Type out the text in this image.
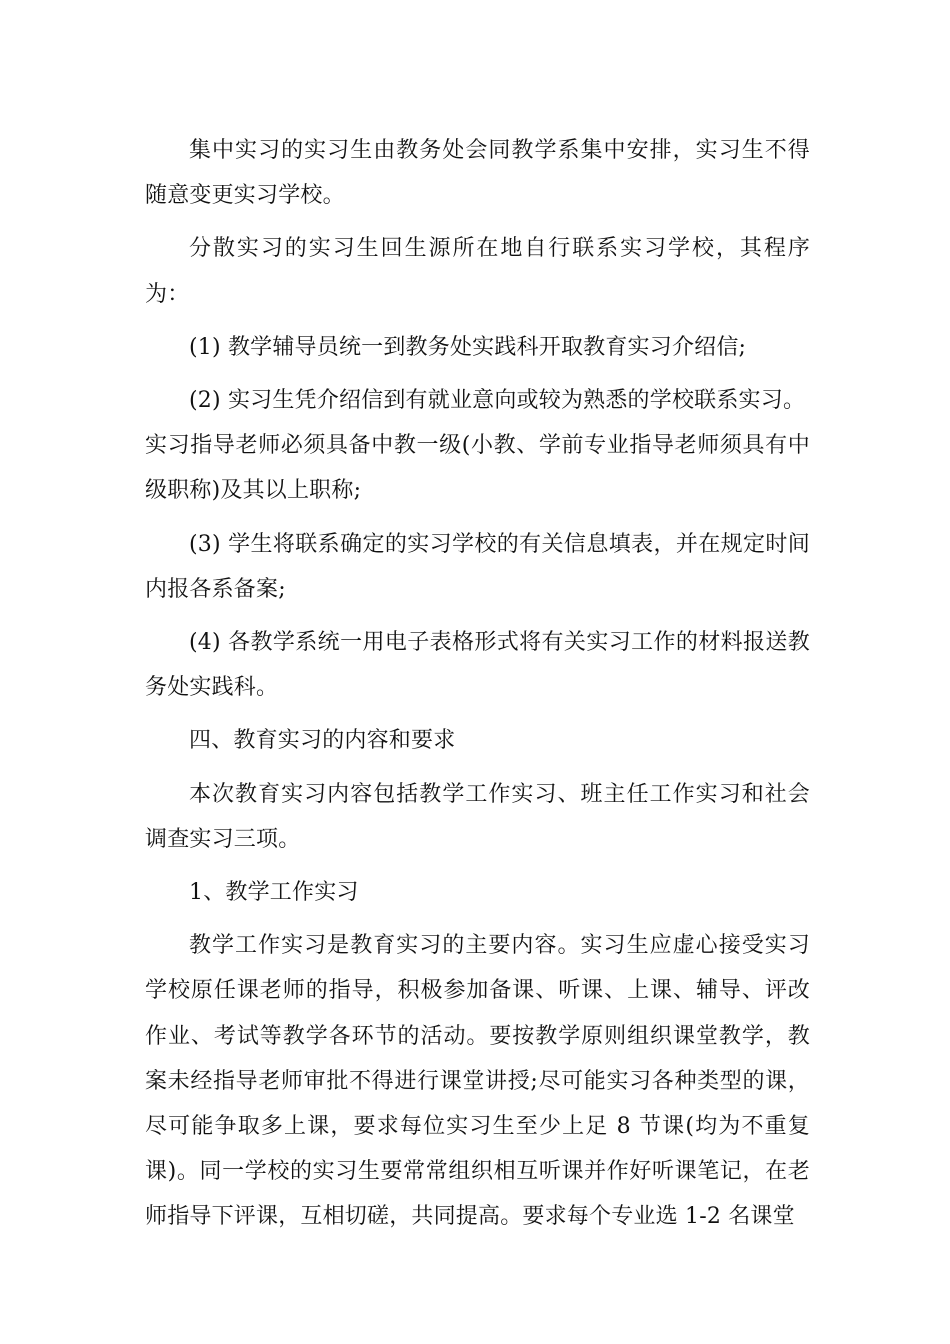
集中实习的实习生由教务处会同教学系集中安排，实习生不得随意变更实习学校。

分散实习的实习生回生源所在地自行联系实习学校，其程序为：

(1) 教学辅导员统一到教务处实践科开取教育实习介绍信;

(2) 实习生凭介绍信到有就业意向或较为熟悉的学校联系实习。

实习指导老师必须具备中教一级(小教、学前专业指导老师须具有中级职称)及其以上职称;

(3) 学生将联系确定的实习学校的有关信息填表，并在规定时间内报各系备案;

(4) 各教学系统一用电子表格形式将有关实习工作的材料报送教务处实践科。

四、教育实习的内容和要求

本次教育实习内容包括教学工作实习、班主任工作实习和社会调查实习三项。

1、教学工作实习

教学工作实习是教育实习的主要内容。实习生应虚心接受实习学校原任课老师的指导，积极参加备课、听课、上课、辅导、评改作业、考试等教学各环节的活动。要按教学原则组织课堂教学，教案未经指导老师审批不得进行课堂讲授;尽可能实习各种类型的课，尽可能争取多上课，要求每位实习生至少上足 8 节课(均为不重复课)。同一学校的实习生要常常组织相互听课并作好听课笔记，在老师指导下评课，互相切磋，共同提高。要求每个专业选 1-2 名课堂
